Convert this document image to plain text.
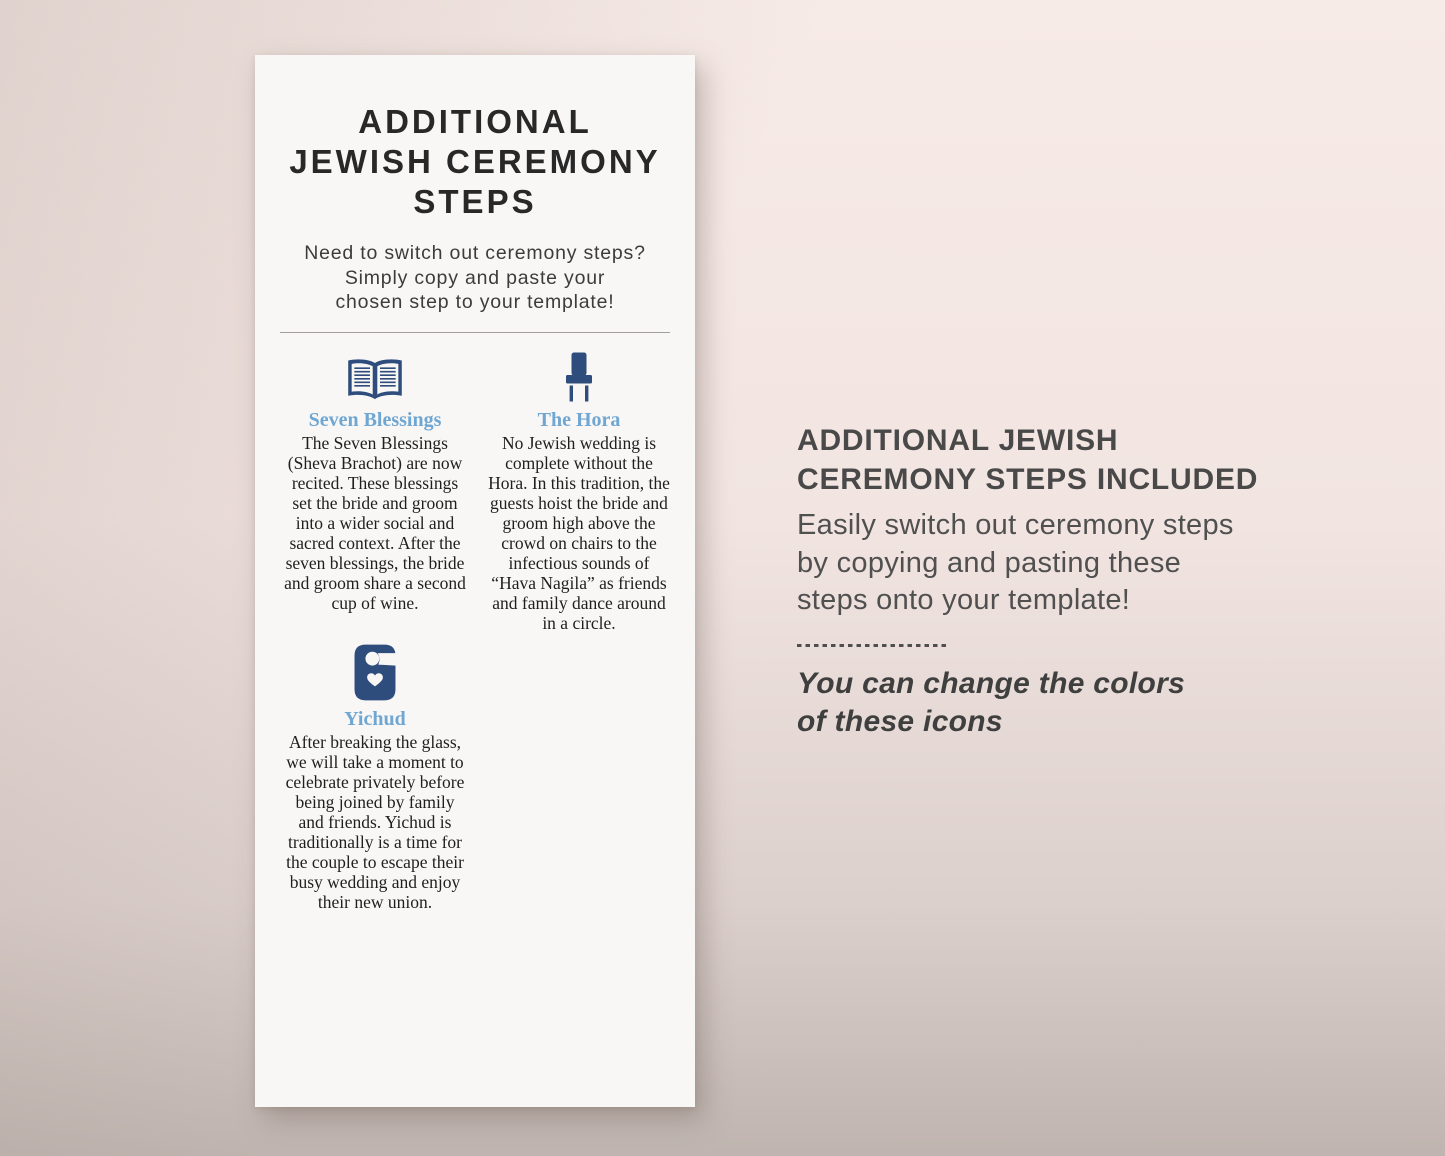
ADDITIONAL
JEWISH CEREMONY
STEPS

Need to switch out ceremony steps?
Simply copy and paste your
chosen step to your template!

Seven Blessings

The Seven Blessings (Sheva Brachot) are now recited. These blessings set the bride and groom into a wider social and sacred context. After the seven blessings, the bride and groom share a second cup of wine.

Yichud

After breaking the glass, we will take a moment to celebrate privately before being joined by family and friends. Yichud is traditionally is a time for the couple to escape their busy wedding and enjoy their new union.

The Hora

No Jewish wedding is complete without the Hora. In this tradition, the guests hoist the bride and groom high above the crowd on chairs to the infectious sounds of “Hava Nagila” as friends and family dance around in a circle.

ADDITIONAL JEWISH
CEREMONY STEPS INCLUDED

Easily switch out ceremony steps
by copying and pasting these
steps onto your template!

You can change the colors
of these icons
